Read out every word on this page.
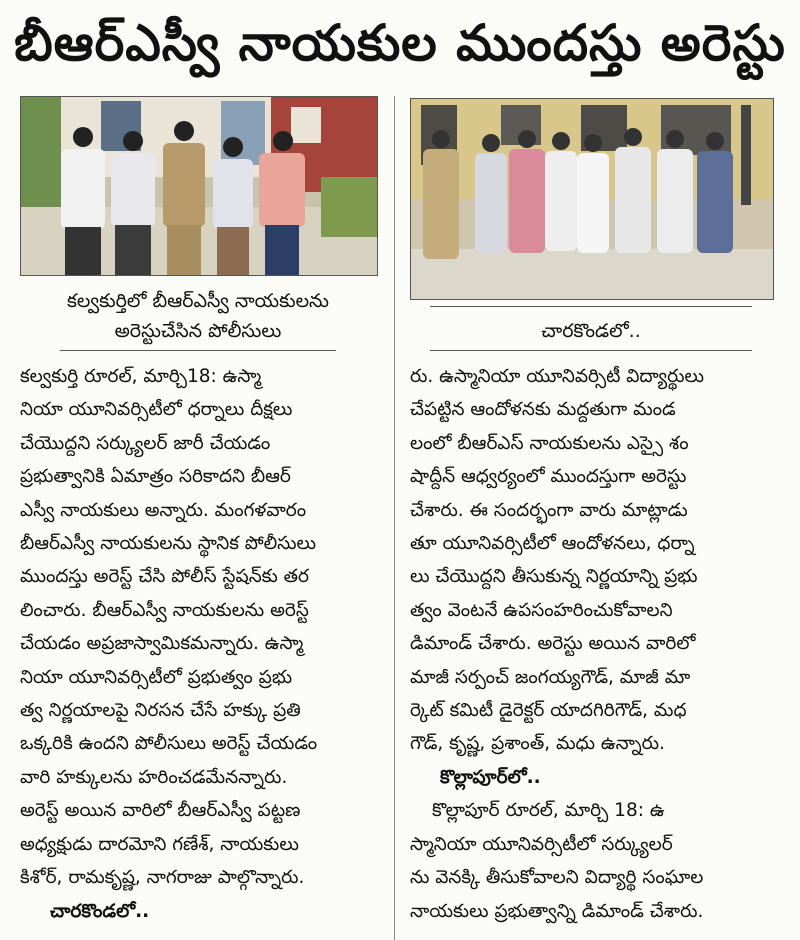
బీఆర్ఎస్వీ నాయకుల ముందస్తు అరెస్టు
కల్వకుర్తిలో బీఆర్ఎస్వీ నాయకులను
అరెస్టుచేసిన పోలీసులు	చారకొండలో..
కల్వకుర్తి రూరల్, మార్చి18: ఉస్మా
నియా యూనివర్సిటీలో ధర్నాలు దీక్షలు
చేయొద్దని సర్క్యులర్ జారీ చేయడం
ప్రభుత్వానికి ఏమాత్రం సరికాదని బీఆర్
ఎస్వీ నాయకులు అన్నారు. మంగళవారం
బీఆర్ఎస్వీ నాయకులను స్థానిక పోలీసులు
ముందస్తు అరెస్ట్ చేసి పోలీస్ స్టేషన్‌కు తర
లించారు. బీఆర్ఎస్వీ నాయకులను అరెస్ట్
చేయడం అప్రజాస్వామికమన్నారు. ఉస్మా
నియా యూనివర్సిటీలో ప్రభుత్వం ప్రభు
త్వ నిర్ణయాలపై నిరసన చేసే హక్కు ప్రతి
ఒక్కరికి ఉందని పోలీసులు అరెస్ట్ చేయడం
వారి హక్కులను హరించడమేనన్నారు.
అరెస్ట్ అయిన వారిలో బీఆర్ఎస్వీ పట్టణ
అధ్యక్షుడు దారమోని గణేశ్, నాయకులు
కిశోర్, రామకృష్ణ, నాగరాజు పాల్గొన్నారు.
చారకొండలో..
రు. ఉస్మానియా యూనివర్సిటీ విద్యార్థులు
చేపట్టిన ఆందోళనకు మద్దతుగా మండ
లంలో బీఆర్ఎస్ నాయకులను ఎస్సై శం
షాద్దీన్ ఆధ్వర్యంలో ముందస్తుగా అరెస్టు
చేశారు. ఈ సందర్భంగా వారు మాట్లాడు
తూ యూనివర్సిటీలో ఆందోళనలు, ధర్నా
లు చేయొద్దని తీసుకున్న నిర్ణయాన్ని ప్రభు
త్వం వెంటనే ఉపసంహరించుకోవాలని
డిమాండ్ చేశారు. అరెస్టు అయిన వారిలో
మాజీ సర్పంచ్ జంగయ్యగౌడ్, మాజీ మా
ర్కెట్ కమిటీ డైరెక్టర్ యాదగిరిగౌడ్, మధ
గౌడ్, కృష్ణ, ప్రశాంత్, మధు ఉన్నారు.
కొల్లాపూర్‌లో..
కొల్లాపూర్ రూరల్, మార్చి 18: ఉ
స్మానియా యూనివర్సిటీలో సర్క్యులర్
ను వెనక్కి తీసుకోవాలని విద్యార్థి సంఘాల
నాయకులు ప్రభుత్వాన్ని డిమాండ్ చేశారు.
